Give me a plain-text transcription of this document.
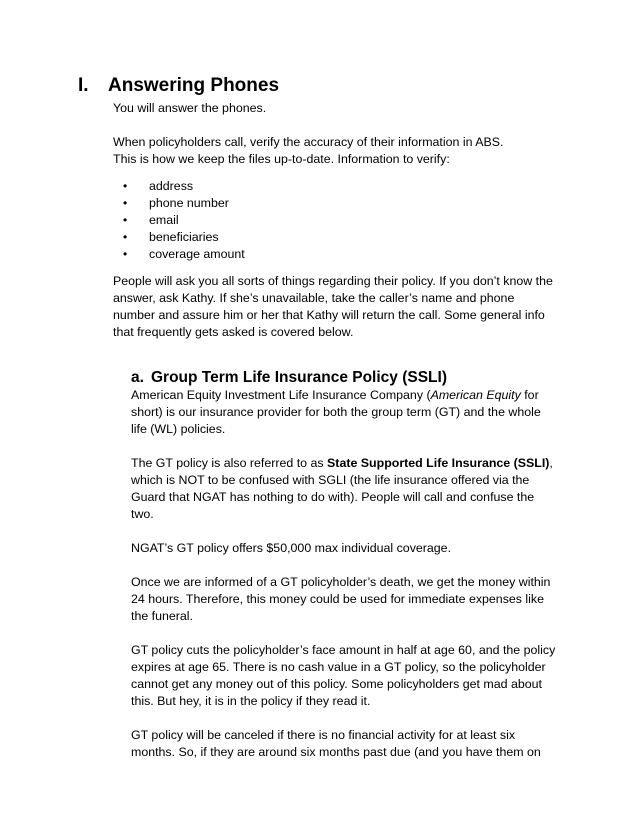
I. Answering Phones

You will answer the phones.

When policyholders call, verify the accuracy of their information in ABS.

This is how we keep the files up-to-date. Information to verify:

• address
• phone number
• email
• beneficiaries
• coverage amount

People will ask you all sorts of things regarding their policy. If you don’t know the

answer, ask Kathy. If she’s unavailable, take the caller’s name and phone

number and assure him or her that Kathy will return the call. Some general info

that frequently gets asked is covered below.

a. Group Term Life Insurance Policy (SSLI)

American Equity Investment Life Insurance Company (American Equity for

short) is our insurance provider for both the group term (GT) and the whole

life (WL) policies.

The GT policy is also referred to as State Supported Life Insurance (SSLI),

which is NOT to be confused with SGLI (the life insurance offered via the

Guard that NGAT has nothing to do with). People will call and confuse the

two.

NGAT’s GT policy offers $50,000 max individual coverage.

Once we are informed of a GT policyholder’s death, we get the money within

24 hours. Therefore, this money could be used for immediate expenses like

the funeral.

GT policy cuts the policyholder’s face amount in half at age 60, and the policy

expires at age 65. There is no cash value in a GT policy, so the policyholder

cannot get any money out of this policy. Some policyholders get mad about

this. But hey, it is in the policy if they read it.

GT policy will be canceled if there is no financial activity for at least six

months. So, if they are around six months past due (and you have them on
